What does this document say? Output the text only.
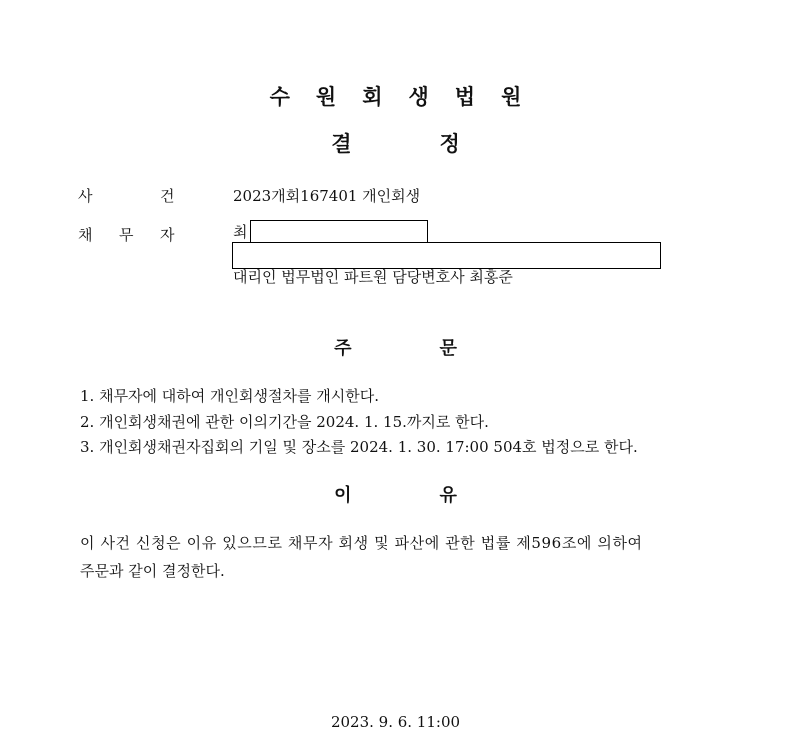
수 원 회 생 법 원
결	정
사	건	2023개회167401 개인회생
채 무 자	최
대리인 법무법인 파트원 담당변호사 최홍준
주	문
1. 채무자에 대하여 개인회생절차를 개시한다.
2. 개인회생채권에 관한 이의기간을 2024. 1. 15.까지로 한다.
3. 개인회생채권자집회의 기일 및 장소를 2024. 1. 30. 17:00 504호 법정으로 한다.
이	유
이 사건 신청은 이유 있으므로 채무자 회생 및 파산에 관한 법률 제596조에 의하여
주문과 같이 결정한다.
2023. 9. 6. 11:00
